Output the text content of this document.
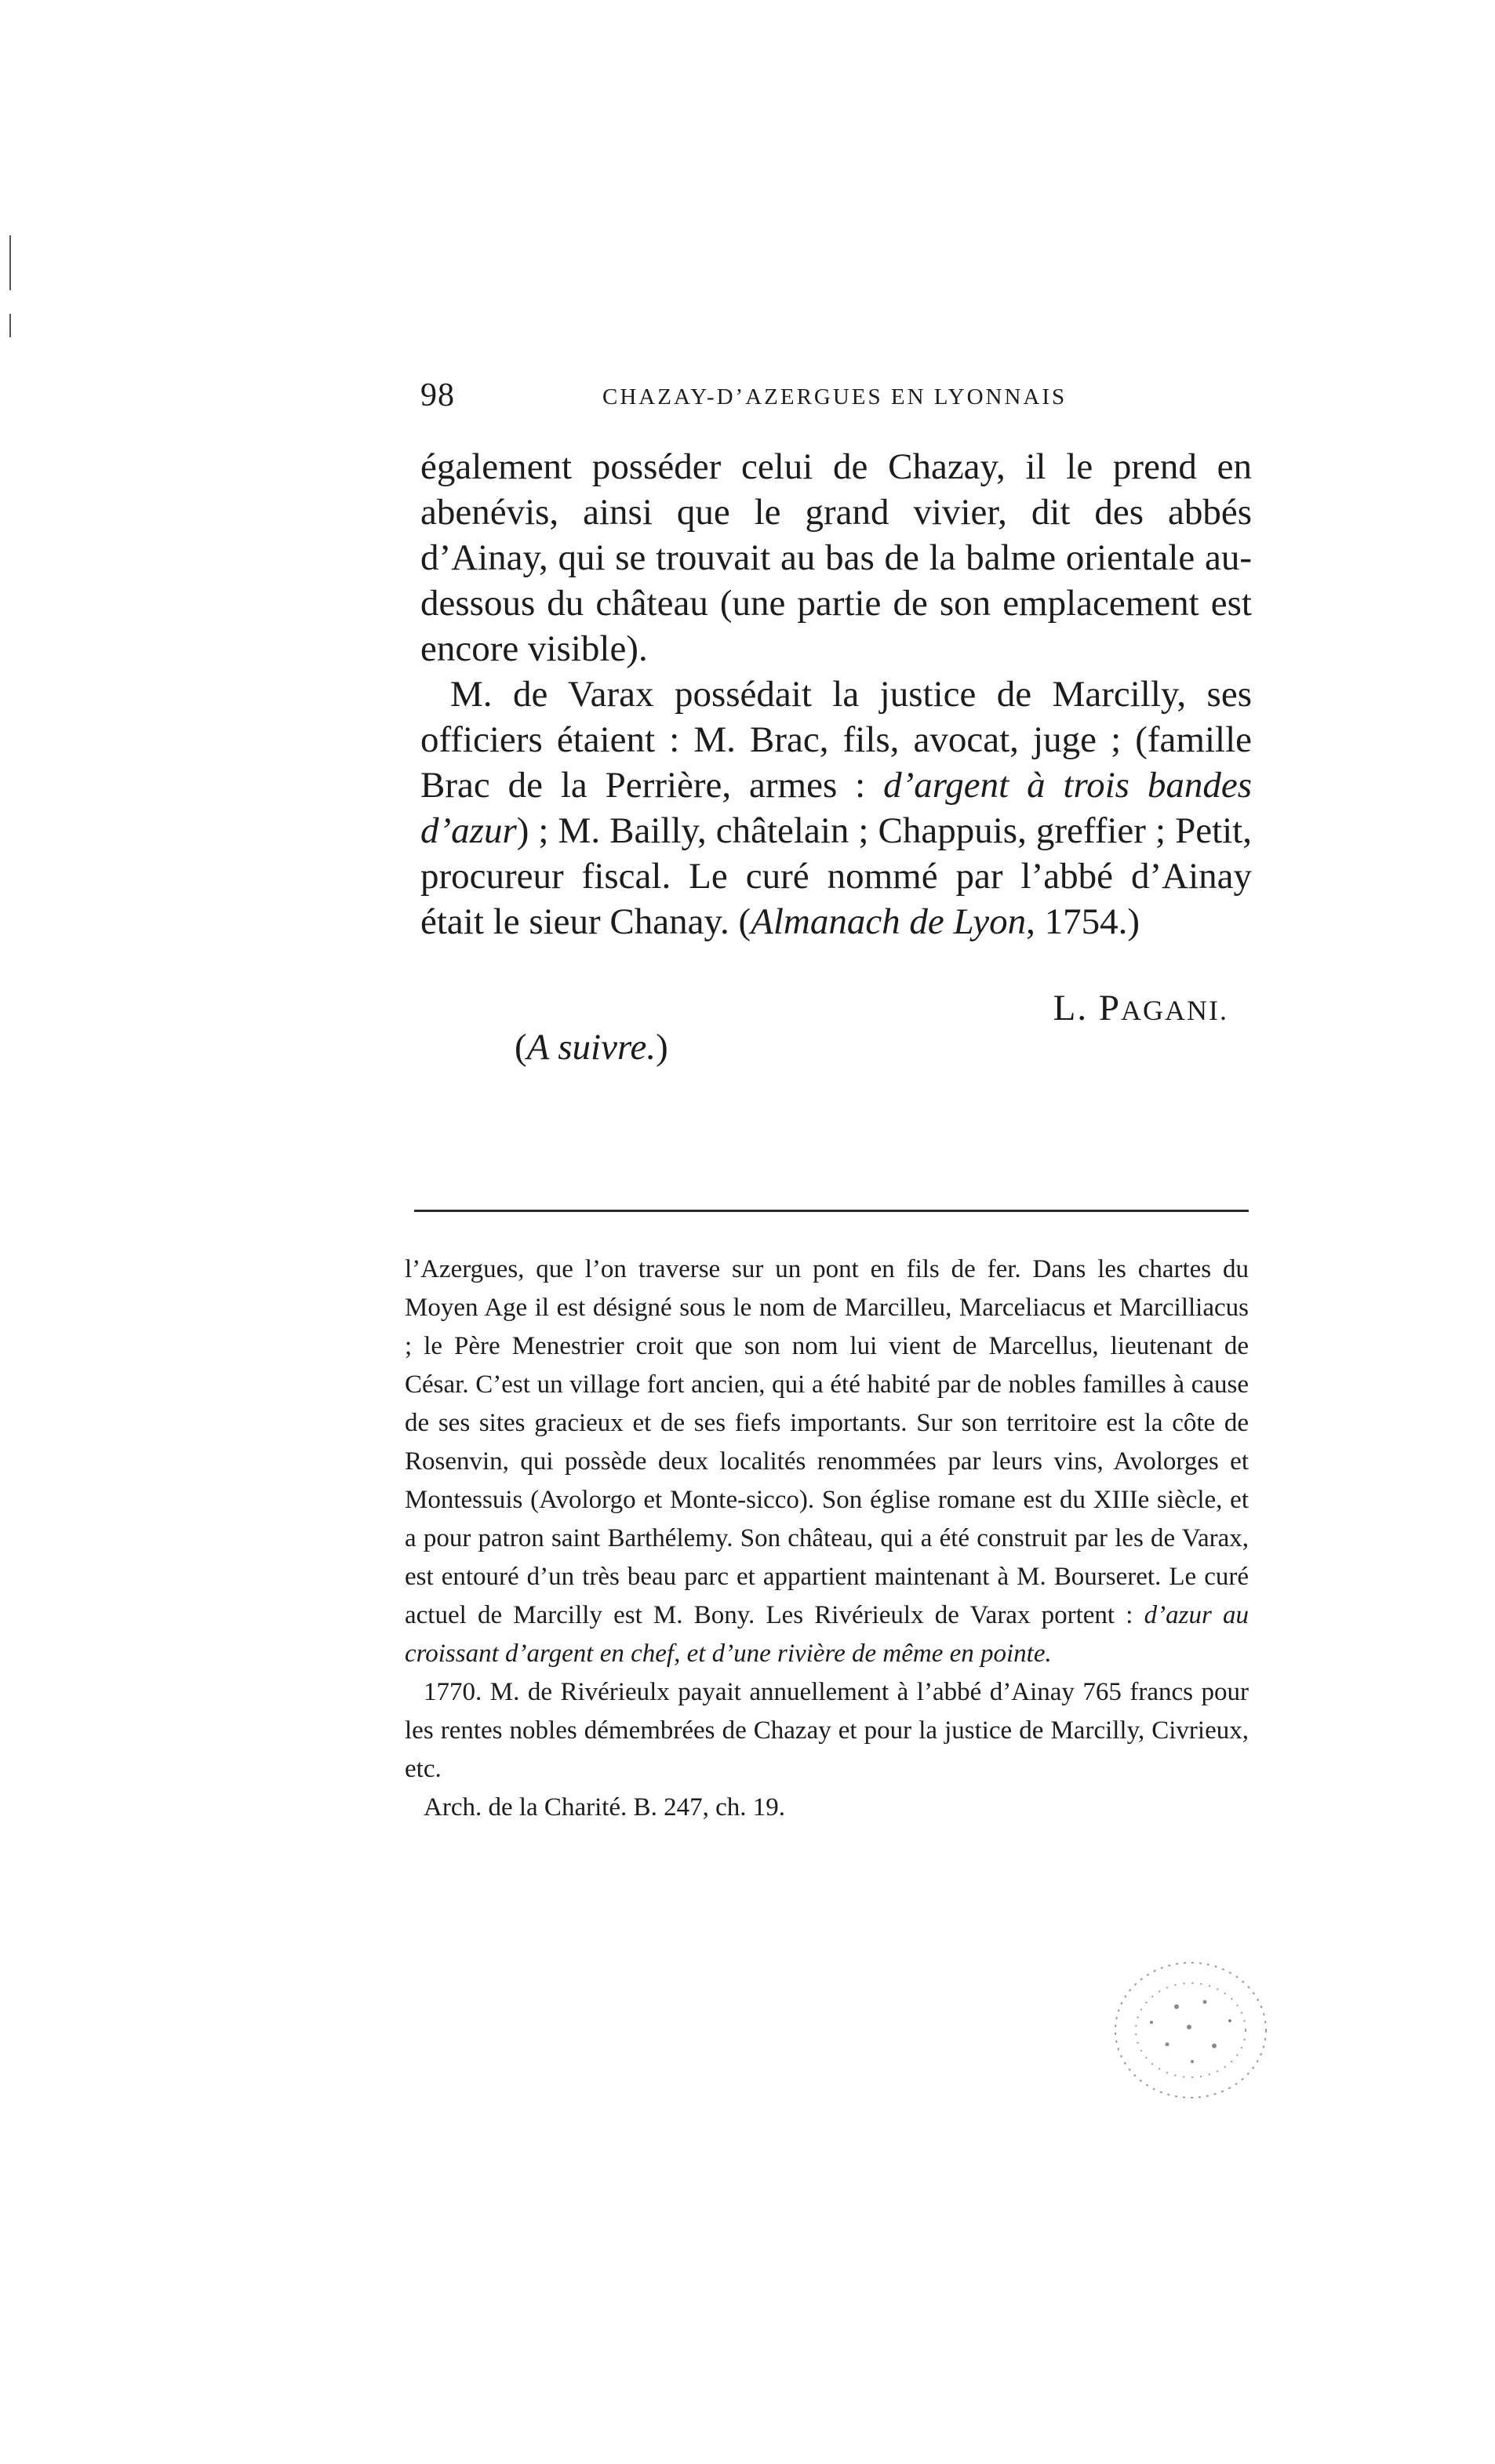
98	CHAZAY-D’AZERGUES EN LYONNAIS

également posséder celui de Chazay, il le prend en abenévis, ainsi que le grand vivier, dit des abbés d’Ainay, qui se trouvait au bas de la balme orientale au-dessous du château (une partie de son emplacement est encore visible).

M. de Varax possédait la justice de Marcilly, ses officiers étaient : M. Brac, fils, avocat, juge ; (famille Brac de la Perrière, armes : d’argent à trois bandes d’azur) ; M. Bailly, châtelain ; Chappuis, greffier ; Petit, procureur fiscal. Le curé nommé par l’abbé d’Ainay était le sieur Chanay. (Almanach de Lyon, 1754.)

L. PAGANI.
(A suivre.)

l’Azergues, que l’on traverse sur un pont en fils de fer. Dans les chartes du Moyen Age il est désigné sous le nom de Marcilleu, Marceliacus et Marcilliacus ; le Père Menestrier croit que son nom lui vient de Marcellus, lieutenant de César. C’est un village fort ancien, qui a été habité par de nobles familles à cause de ses sites gracieux et de ses fiefs importants. Sur son territoire est la côte de Rosenvin, qui possède deux localités renommées par leurs vins, Avolorges et Montessuis (Avolorgo et Monte-sicco). Son église romane est du XIIIe siècle, et a pour patron saint Barthélemy. Son château, qui a été construit par les de Varax, est entouré d’un très beau parc et appartient maintenant à M. Bourseret. Le curé actuel de Marcilly est M. Bony. Les Rivérieulx de Varax portent : d’azur au croissant d’argent en chef, et d’une rivière de même en pointe.

1770. M. de Rivérieulx payait annuellement à l’abbé d’Ainay 765 francs pour les rentes nobles démembrées de Chazay et pour la justice de Marcilly, Civrieux, etc.

Arch. de la Charité. B. 247, ch. 19.
